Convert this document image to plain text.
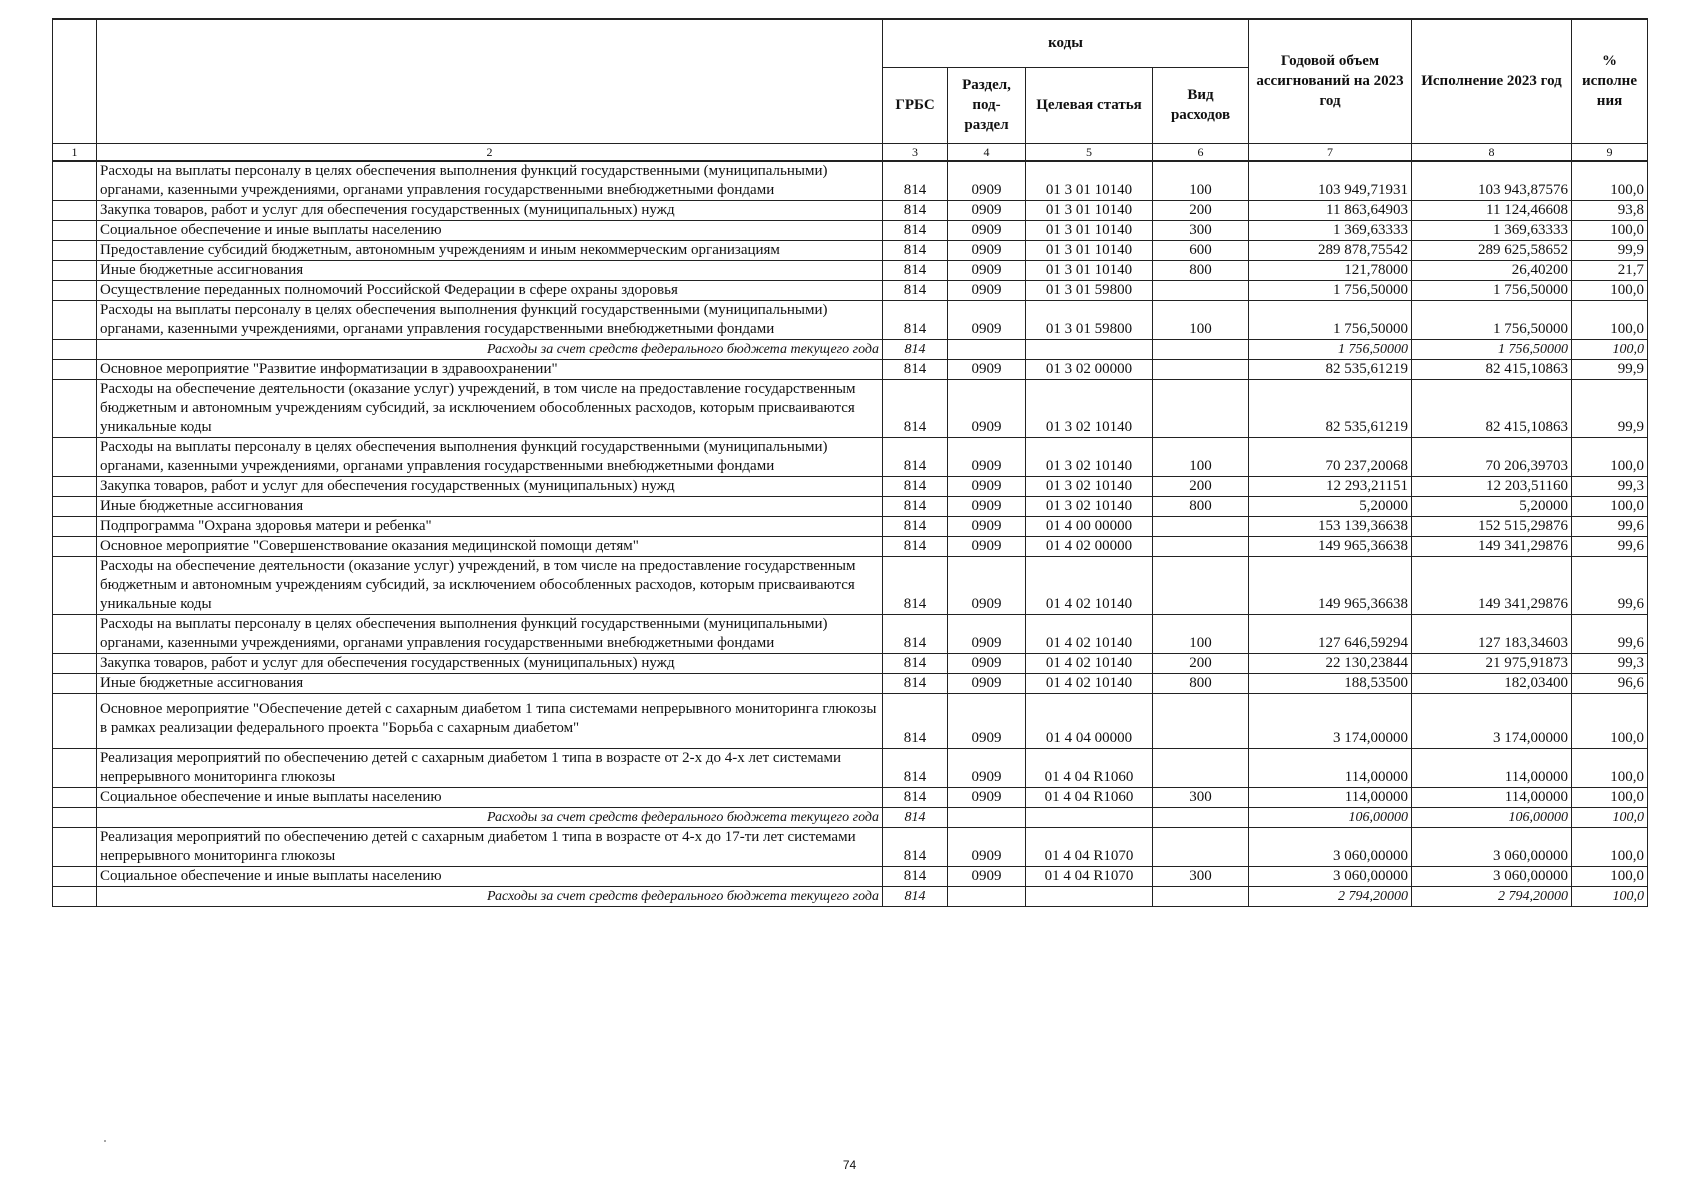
		коды				Годовой объем ассигнований на 2023 год	Исполнение 2023 год	% исполне ния
		ГРБС	Раздел, под-раздел	Целевая статья	Вид расходов			
1	2	3	4	5	6	7	8	9
	Расходы на выплаты персоналу в целях обеспечения выполнения функций государственными (муниципальными) органами, казенными учреждениями, органами управления государственными внебюджетными фондами	814	0909	01 3 01 10140	100	103 949,71931	103 943,87576	100,0
	Закупка товаров, работ и услуг для обеспечения государственных (муниципальных) нужд	814	0909	01 3 01 10140	200	11 863,64903	11 124,46608	93,8
	Социальное обеспечение и иные выплаты населению	814	0909	01 3 01 10140	300	1 369,63333	1 369,63333	100,0
	Предоставление субсидий бюджетным, автономным учреждениям и иным некоммерческим организациям	814	0909	01 3 01 10140	600	289 878,75542	289 625,58652	99,9
	Иные бюджетные ассигнования	814	0909	01 3 01 10140	800	121,78000	26,40200	21,7
	Осуществление переданных полномочий Российской Федерации в сфере охраны здоровья	814	0909	01 3 01 59800		1 756,50000	1 756,50000	100,0
	Расходы на выплаты персоналу в целях обеспечения выполнения функций государственными (муниципальными) органами, казенными учреждениями, органами управления государственными внебюджетными фондами	814	0909	01 3 01 59800	100	1 756,50000	1 756,50000	100,0
	Расходы за счет средств федерального бюджета текущего года	814				1 756,50000	1 756,50000	100,0
	Основное мероприятие "Развитие информатизации в здравоохранении"	814	0909	01 3 02 00000		82 535,61219	82 415,10863	99,9
	Расходы на обеспечение деятельности (оказание услуг) учреждений, в том числе на предоставление государственным бюджетным и автономным учреждениям субсидий, за исключением обособленных расходов, которым присваиваются уникальные коды	814	0909	01 3 02 10140		82 535,61219	82 415,10863	99,9
	Расходы на выплаты персоналу в целях обеспечения выполнения функций государственными (муниципальными) органами, казенными учреждениями, органами управления государственными внебюджетными фондами	814	0909	01 3 02 10140	100	70 237,20068	70 206,39703	100,0
	Закупка товаров, работ и услуг для обеспечения государственных (муниципальных) нужд	814	0909	01 3 02 10140	200	12 293,21151	12 203,51160	99,3
	Иные бюджетные ассигнования	814	0909	01 3 02 10140	800	5,20000	5,20000	100,0
	Подпрограмма "Охрана здоровья матери и ребенка"	814	0909	01 4 00 00000		153 139,36638	152 515,29876	99,6
	Основное мероприятие "Совершенствование оказания медицинской помощи детям"	814	0909	01 4 02 00000		149 965,36638	149 341,29876	99,6
	Расходы на обеспечение деятельности (оказание услуг) учреждений, в том числе на предоставление государственным бюджетным и автономным учреждениям субсидий, за исключением обособленных расходов, которым присваиваются уникальные коды	814	0909	01 4 02 10140		149 965,36638	149 341,29876	99,6
	Расходы на выплаты персоналу в целях обеспечения выполнения функций государственными (муниципальными) органами, казенными учреждениями, органами управления государственными внебюджетными фондами	814	0909	01 4 02 10140	100	127 646,59294	127 183,34603	99,6
	Закупка товаров, работ и услуг для обеспечения государственных (муниципальных) нужд	814	0909	01 4 02 10140	200	22 130,23844	21 975,91873	99,3
	Иные бюджетные ассигнования	814	0909	01 4 02 10140	800	188,53500	182,03400	96,6
	Основное мероприятие "Обеспечение детей с сахарным диабетом 1 типа системами непрерывного мониторинга глюкозы в рамках реализации федерального проекта "Борьба с сахарным диабетом"	814	0909	01 4 04 00000		3 174,00000	3 174,00000	100,0
	Реализация мероприятий по обеспечению детей с сахарным диабетом 1 типа в возрасте от 2-х до 4-х лет системами непрерывного мониторинга глюкозы	814	0909	01 4 04 R1060		114,00000	114,00000	100,0
	Социальное обеспечение и иные выплаты населению	814	0909	01 4 04 R1060	300	114,00000	114,00000	100,0
	Расходы за счет средств федерального бюджета текущего года	814				106,00000	106,00000	100,0
	Реализация мероприятий по обеспечению детей с сахарным диабетом 1 типа в возрасте от 4-х до 17-ти лет системами непрерывного мониторинга глюкозы	814	0909	01 4 04 R1070		3 060,00000	3 060,00000	100,0
	Социальное обеспечение и иные выплаты населению	814	0909	01 4 04 R1070	300	3 060,00000	3 060,00000	100,0
	Расходы за счет средств федерального бюджета текущего года	814				2 794,20000	2 794,20000	100,0
74
